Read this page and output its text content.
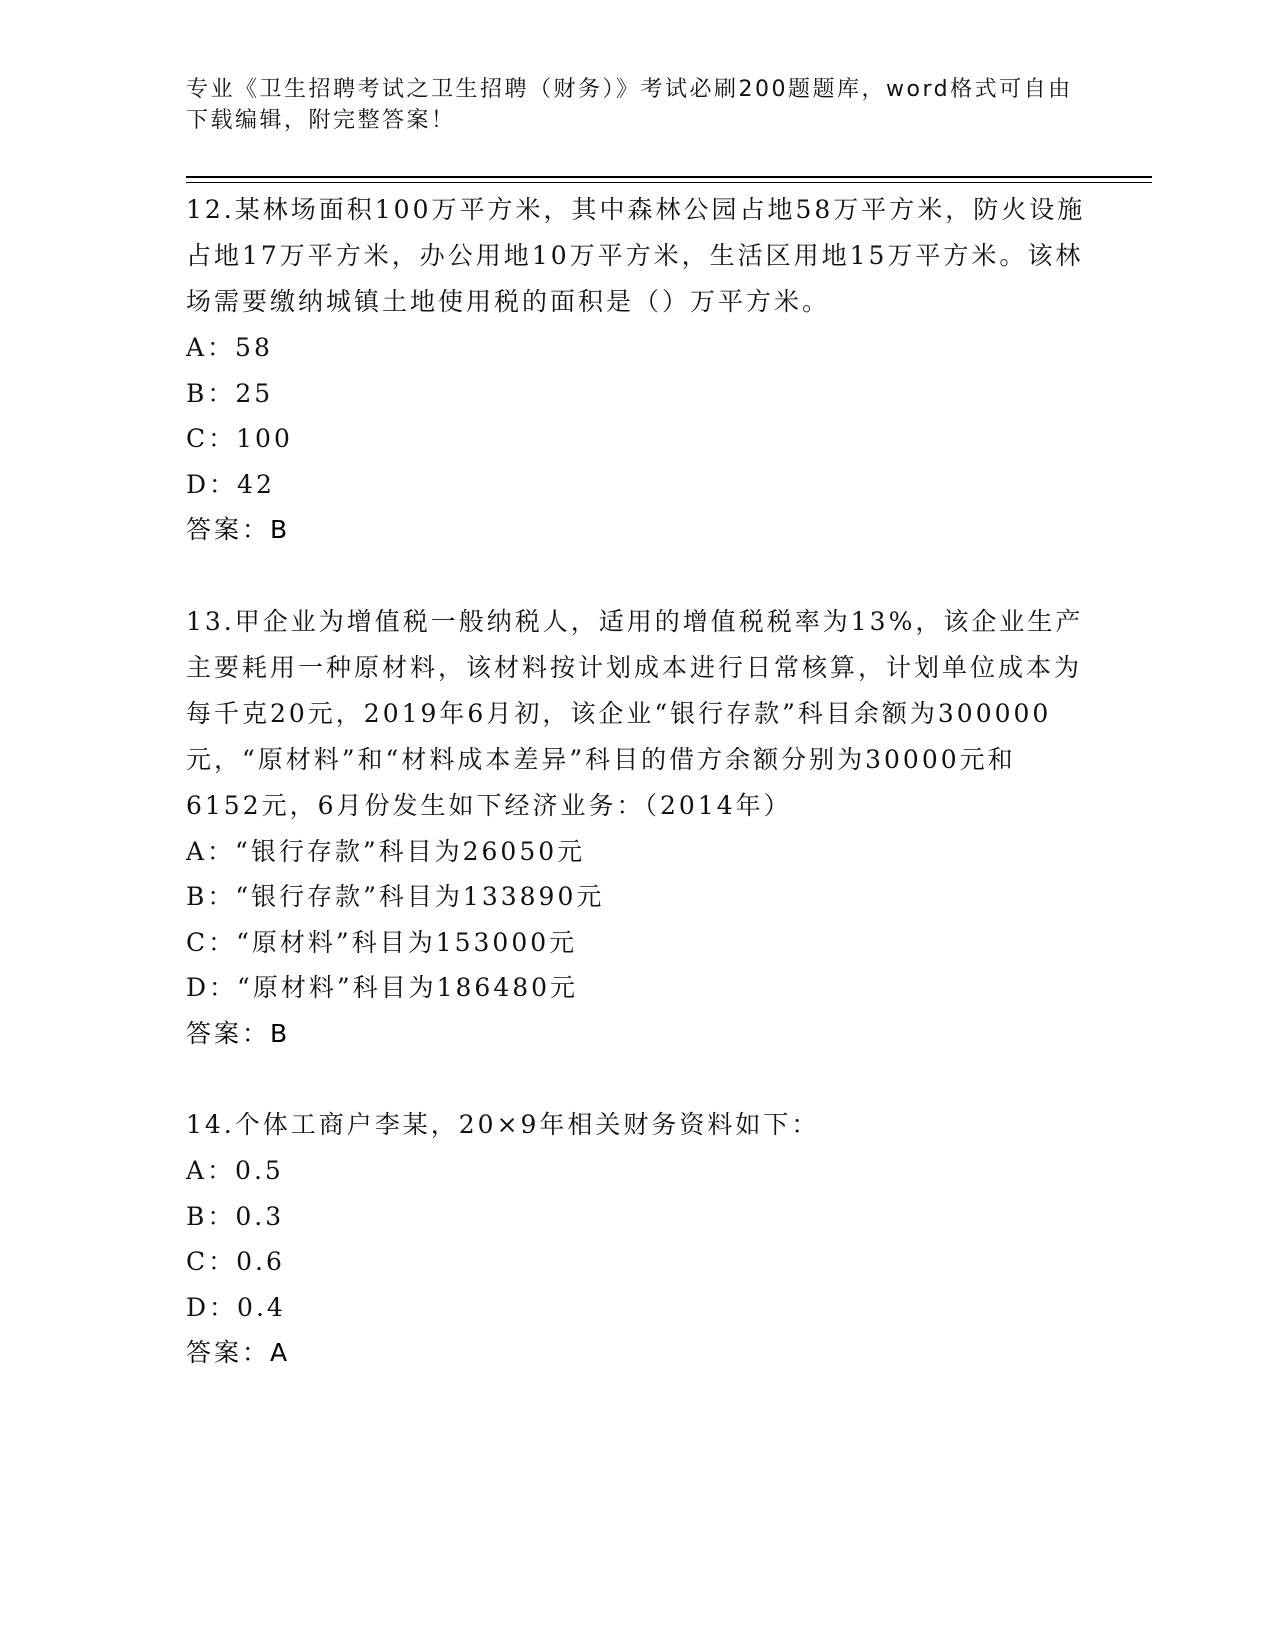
专业《卫生招聘考试之卫生招聘（财务）》考试必刷200题题库，word格式可自由下载编辑，附完整答案！

12.某林场面积100万平方米，其中森林公园占地58万平方米，防火设施占地17万平方米，办公用地10万平方米，生活区用地15万平方米。该林场需要缴纳城镇土地使用税的面积是（）万平方米。

A：58

B：25

C：100

D：42

答案：B

13.甲企业为增值税一般纳税人，适用的增值税税率为13%，该企业生产主要耗用一种原材料，该材料按计划成本进行日常核算，计划单位成本为每千克20元，2019年6月初，该企业“银行存款”科目余额为300000元，“原材料”和“材料成本差异”科目的借方余额分别为30000元和6152元，6月份发生如下经济业务：（2014年）

A：“银行存款”科目为26050元

B：“银行存款”科目为133890元

C：“原材料”科目为153000元

D：“原材料”科目为186480元

答案：B

14.个体工商户李某，20×9年相关财务资料如下：

A：0.5

B：0.3

C：0.6

D：0.4

答案：A
